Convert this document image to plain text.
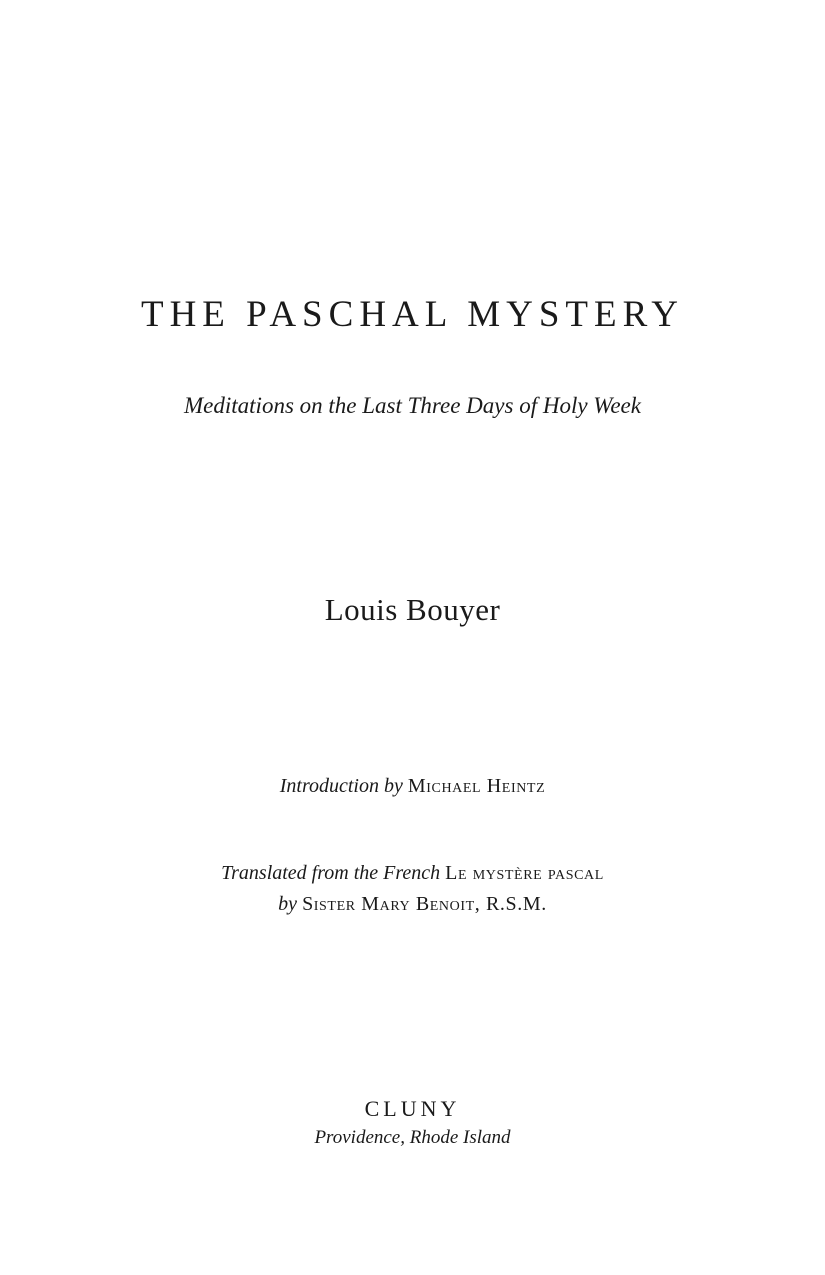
THE PASCHAL MYSTERY
Meditations on the Last Three Days of Holy Week
Louis Bouyer
Introduction by Michael Heintz
Translated from the French Le mystère pascal
by Sister Mary Benoit, R.S.M.
CLUNY
Providence, Rhode Island
